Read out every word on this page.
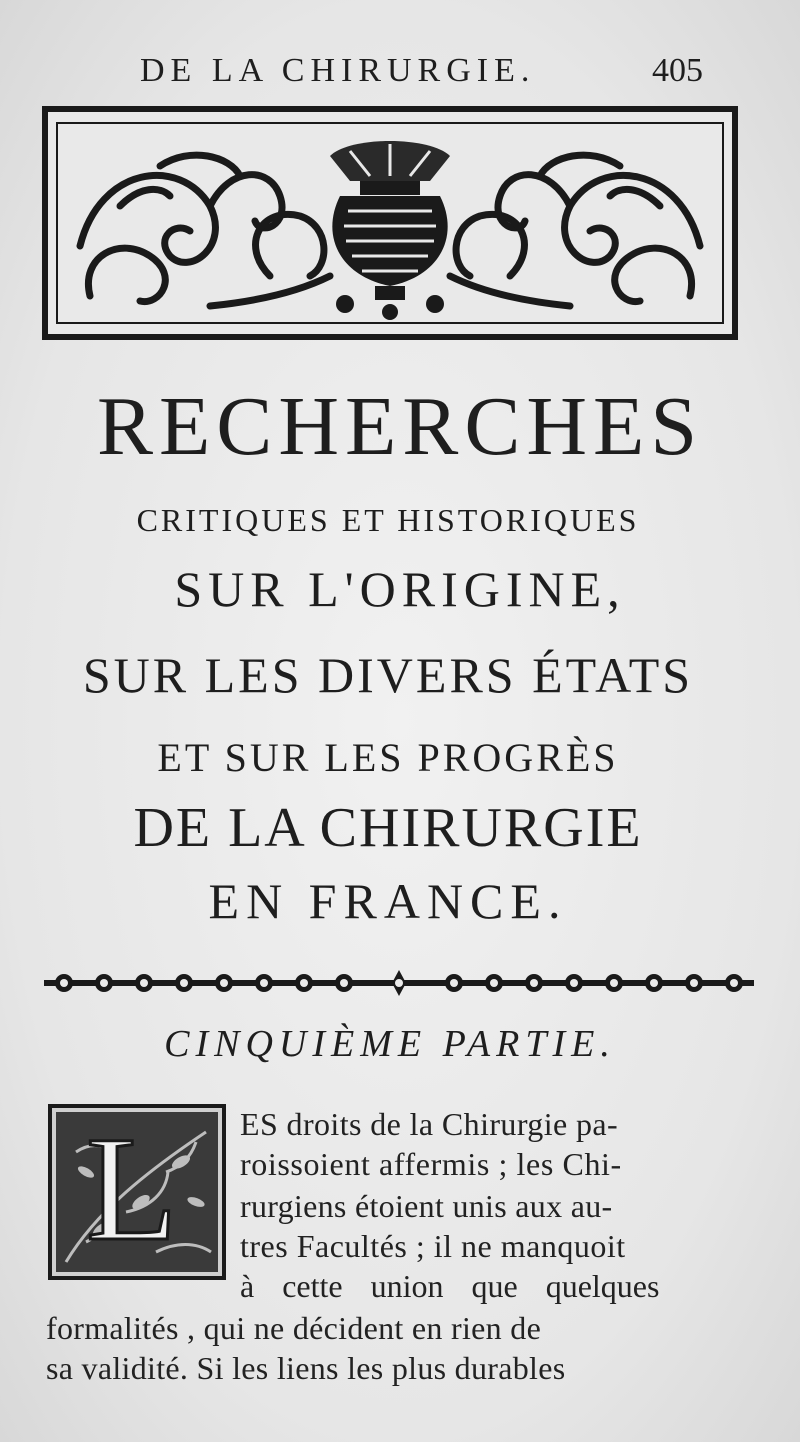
DE LA CHIRURGIE.	405
RECHERCHES
CRITIQUES ET HISTORIQUES
SUR L'ORIGINE,
SUR LES DIVERS ÉTATS
ET SUR LES PROGRÈS
DE LA CHIRURGIE
EN FRANCE.
CINQUIÈME PARTIE.
L ES droits de la Chirurgie pa-
roissoient affermis ; les Chi-
rurgiens étoient unis aux au-
tres Facultés ; il ne manquoit
à cette union que quelques
formalités , qui ne décident en rien de
sa validité. Si les liens les plus durables
